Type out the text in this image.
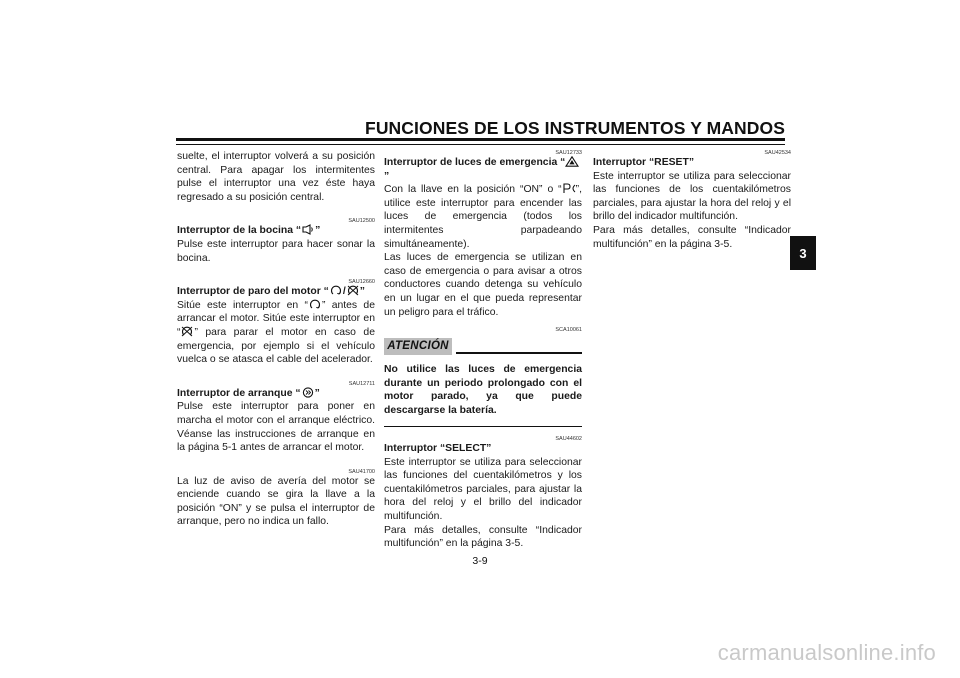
FUNCIONES DE LOS INSTRUMENTOS Y MANDOS
3

suelte, el interruptor volverá a su posición central. Para apagar los intermitentes pulse el interruptor una vez éste haya regresado a su posición central.

SAU12500

Interruptor de la bocina “ ”

Pulse este interruptor para hacer sonar la bocina.

SAU12660

Interruptor de paro del motor “ / ”

Sitúe este interruptor en “ ” antes de arrancar el motor. Sitúe este interruptor en “ ” para parar el motor en caso de emergencia, por ejemplo si el vehículo vuelca o se atasca el cable del acelerador.

SAU12711

Interruptor de arranque “ ”

Pulse este interruptor para poner en marcha el motor con el arranque eléctrico. Véanse las instrucciones de arranque en la página 5-1 antes de arrancar el motor.

SAU41700

La luz de aviso de avería del motor se enciende cuando se gira la llave a la posición “ON” y se pulsa el interruptor de arranque, pero no indica un fallo.

SAU12733

Interruptor de luces de emergencia “”

Con la llave en la posición “ON” o “ ”, utilice este interruptor para encender las luces de emergencia (todos los intermitentes parpadeando simultáneamente).

Las luces de emergencia se utilizan en caso de emergencia o para avisar a otros conductores cuando detenga su vehículo en un lugar en el que pueda representar un peligro para el tráfico.

SCA10061

ATENCIÓN

No utilice las luces de emergencia durante un periodo prolongado con el motor parado, ya que puede descargarse la batería.

SAU44602

Interruptor “SELECT”

Este interruptor se utiliza para seleccionar las funciones del cuentakilómetros y los cuentakilómetros parciales, para ajustar la hora del reloj y el brillo del indicador multifunción.

Para más detalles, consulte “Indicador multifunción” en la página 3-5.

SAU42534

Interruptor “RESET”

Este interruptor se utiliza para seleccionar las funciones de los cuentakilómetros parciales, para ajustar la hora del reloj y el brillo del indicador multifunción.

Para más detalles, consulte “Indicador multifunción” en la página 3-5.

3-9
carmanualsonline.info
